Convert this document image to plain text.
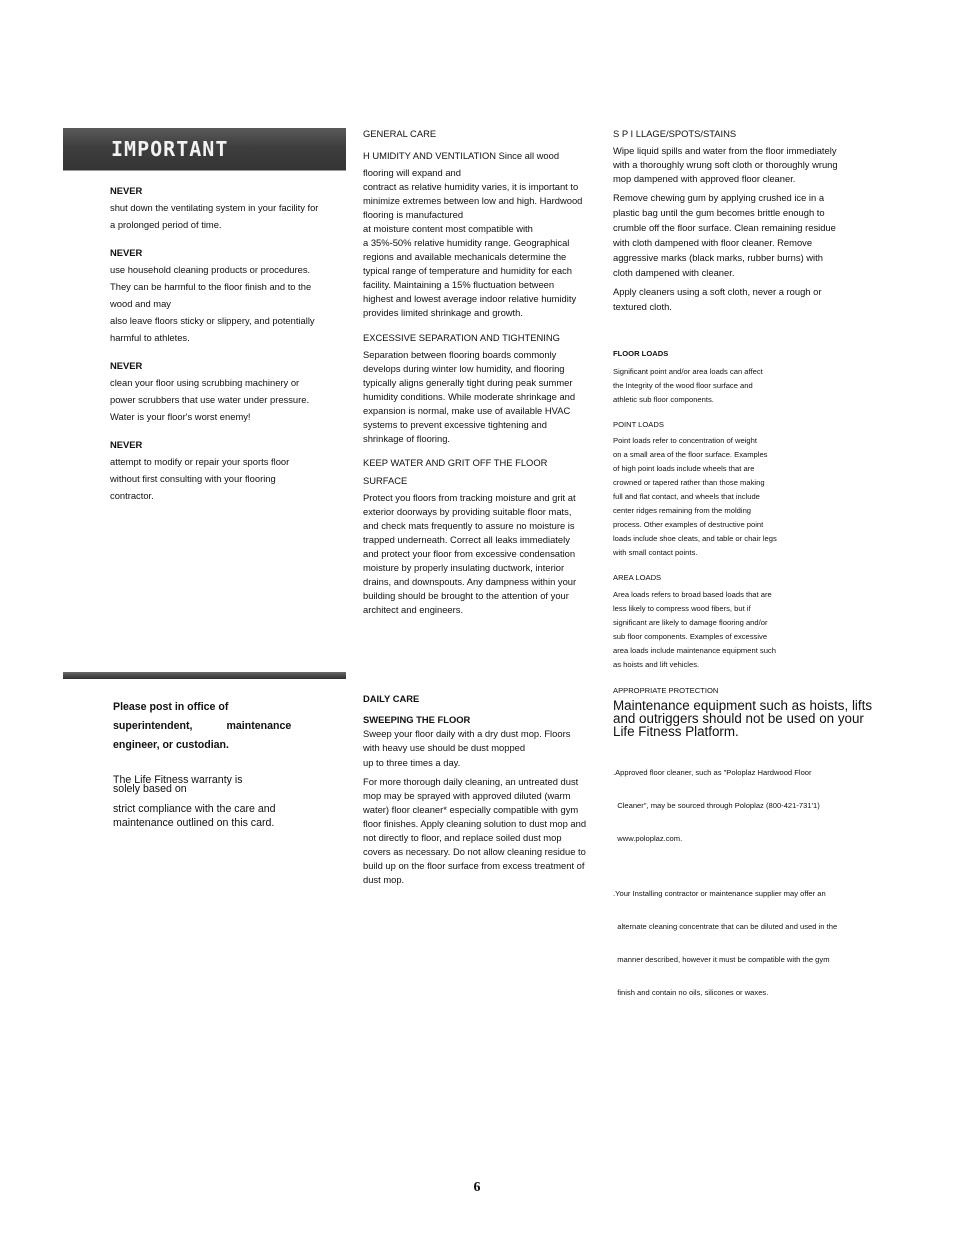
IMPORTANT

NEVER

shut down the ventilating system in your facility for

a prolonged period of time.

NEVER

use household cleaning products or procedures.

They can be harmful to the floor finish and to the

wood and may

also leave floors sticky or slippery, and potentially

harmful to athletes.

NEVER

clean your floor using scrubbing machinery or

power scrubbers that use water under pressure.

Water is your floor's worst enemy!

NEVER

attempt to modify or repair your sports floor

without first consulting with your flooring

contractor.

Please post in office of

superintendent,	maintenance

engineer, or custodian.

The Life Fitness warranty is

solely based on

strict compliance with the care and

maintenance outlined on this card.

GENERAL CARE

H UMIDITY AND VENTILATION Since all wood

flooring will expand and

contract as relative humidity varies, it is important to

minimize extremes between low and high. Hardwood

flooring is manufactured

at moisture content most compatible with

a 35%-50% relative humidity range. Geographical

regions and available mechanicals determine the

typical range of temperature and humidity for each

facility. Maintaining a 15% fluctuation between

highest and lowest average indoor relative humidity

provides limited shrinkage and growth.

EXCESSIVE SEPARATION AND TIGHTENING

Separation between flooring boards commonly

develops during winter low humidity, and flooring

typically aligns generally tight during peak summer

humidity conditions. While moderate shrinkage and

expansion is normal, make use of available HVAC

systems to prevent excessive tightening and

shrinkage of flooring.

KEEP WATER AND GRIT OFF THE FLOOR

SURFACE

Protect you floors from tracking moisture and grit at

exterior doorways by providing suitable floor mats,

and check mats frequently to assure no moisture is

trapped underneath. Correct all leaks immediately

and protect your floor from excessive condensation

moisture by properly insulating ductwork, interior

drains, and downspouts. Any dampness within your

building should be brought to the attention of your

architect and engineers.

DAILY CARE

SWEEPING THE FLOOR

Sweep your floor daily with a dry dust mop. Floors

with heavy use should be dust mopped

up to three times a day.

For more thorough daily cleaning, an untreated dust

mop may be sprayed with approved diluted (warm

water) floor cleaner* especially compatible with gym

floor finishes. Apply cleaning solution to dust mop and

not directly to floor, and replace soiled dust mop

covers as necessary. Do not allow cleaning residue to

build up on the floor surface from excess treatment of

dust mop.

S P I LLAGE/SPOTS/STAINS

Wipe liquid spills and water from the floor immediately

with a thoroughly wrung soft cloth or thoroughly wrung

mop dampened with approved floor cleaner.

Remove chewing gum by applying crushed ice in a

plastic bag until the gum becomes brittle enough to

crumble off the floor surface. Clean remaining residue

with cloth dampened with floor cleaner. Remove

aggressive marks (black marks, rubber burns) with

cloth dampened with cleaner.

Apply cleaners using a soft cloth, never a rough or

textured cloth.

FLOOR LOADS

Significant point and/or area loads can affect

the Integrity of the wood floor surface and

athletic sub floor components.

POINT LOADS

Point loads refer to concentration of weight

on a small area of the floor surface. Examples

of high point loads include wheels that are

crowned or tapered rather than those making

full and flat contact, and wheels that include

center ridges remaining from the molding

process. Other examples of destructive point

loads include shoe cleats, and table or chair legs

with small contact points.

AREA LOADS

Area loads refers to broad based loads that are

less likely to compress wood fibers, but if

significant are likely to damage flooring and/or

sub floor components. Examples of excessive

area loads include maintenance equipment such

as hoists and lift vehicles.

APPROPRIATE PROTECTION

Maintenance equipment such as hoists, lifts

and outriggers should not be used on your

Life Fitness Platform.

.Approved floor cleaner, such as "Poloplaz Hardwood Floor

Cleaner", may be sourced through Poloplaz (800-421-731'1)

www.poloplaz.com.

.Your Installing contractor or maintenance supplier may offer an

alternate cleaning concentrate that can be diluted and used in the

manner described, however it must be compatible with the gym

finish and contain no oils, silicones or waxes.

6
